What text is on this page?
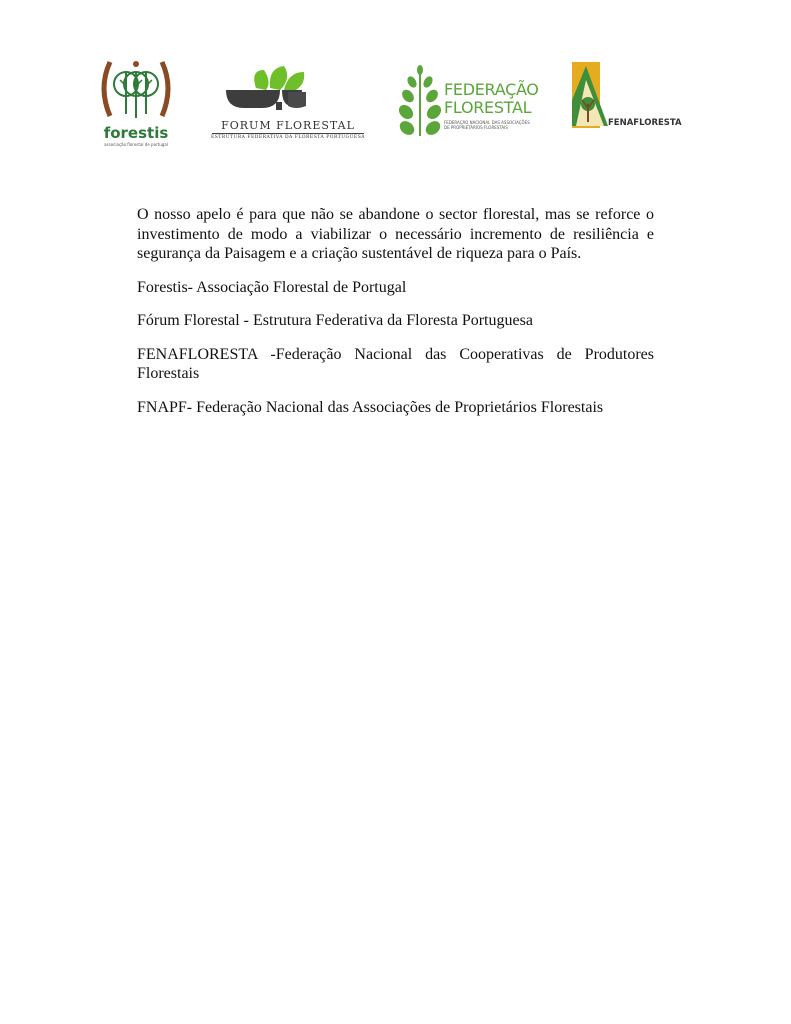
forestis
associação florestal de portugal
FORUM FLORESTAL
ESTRUTURA FEDERATIVA DA FLORESTA PORTUGUESA
FEDERAÇÃO
FLORESTAL
FEDERAÇÃO NACIONAL DAS ASSOCIAÇÕES DE PROPRIETÁRIOS FLORESTAIS	FENAFLORESTA

O nosso apelo é para que não se abandone o sector florestal, mas se reforce o investimento de modo a viabilizar o necessário incremento de resiliência e segurança da Paisagem e a criação sustentável de riqueza para o País.

Forestis- Associação Florestal de Portugal

Fórum Florestal - Estrutura Federativa da Floresta Portuguesa

FENAFLORESTA -Federação Nacional das Cooperativas de Produtores Florestais

FNAPF- Federação Nacional das Associações de Proprietários Florestais
